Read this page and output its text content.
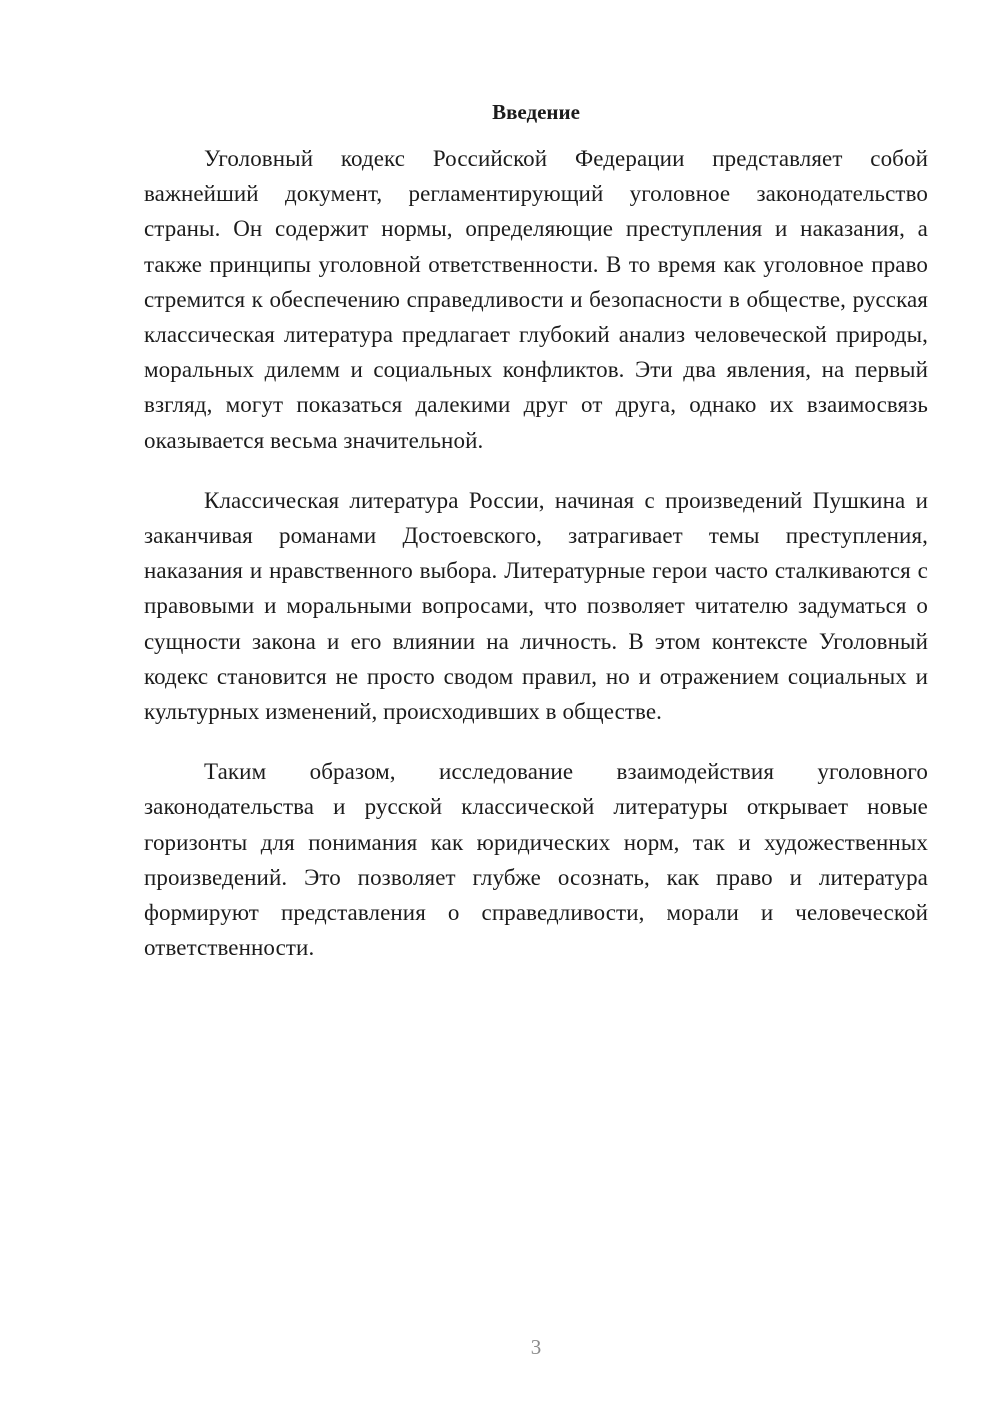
Введение

Уголовный кодекс Российской Федерации представляет собой важнейший документ, регламентирующий уголовное законодательство страны. Он содержит нормы, определяющие преступления и наказания, а также принципы уголовной ответственности. В то время как уголовное право стремится к обеспечению справедливости и безопасности в обществе, русская классическая литература предлагает глубокий анализ человеческой природы, моральных дилемм и социальных конфликтов. Эти два явления, на первый взгляд, могут показаться далекими друг от друга, однако их взаимосвязь оказывается весьма значительной.

Классическая литература России, начиная с произведений Пушкина и заканчивая романами Достоевского, затрагивает темы преступления, наказания и нравственного выбора. Литературные герои часто сталкиваются с правовыми и моральными вопросами, что позволяет читателю задуматься о сущности закона и его влиянии на личность. В этом контексте Уголовный кодекс становится не просто сводом правил, но и отражением социальных и культурных изменений, происходивших в обществе.

Таким образом, исследование взаимодействия уголовного законодательства и русской классической литературы открывает новые горизонты для понимания как юридических норм, так и художественных произведений. Это позволяет глубже осознать, как право и литература формируют представления о справедливости, морали и человеческой ответственности.

3
